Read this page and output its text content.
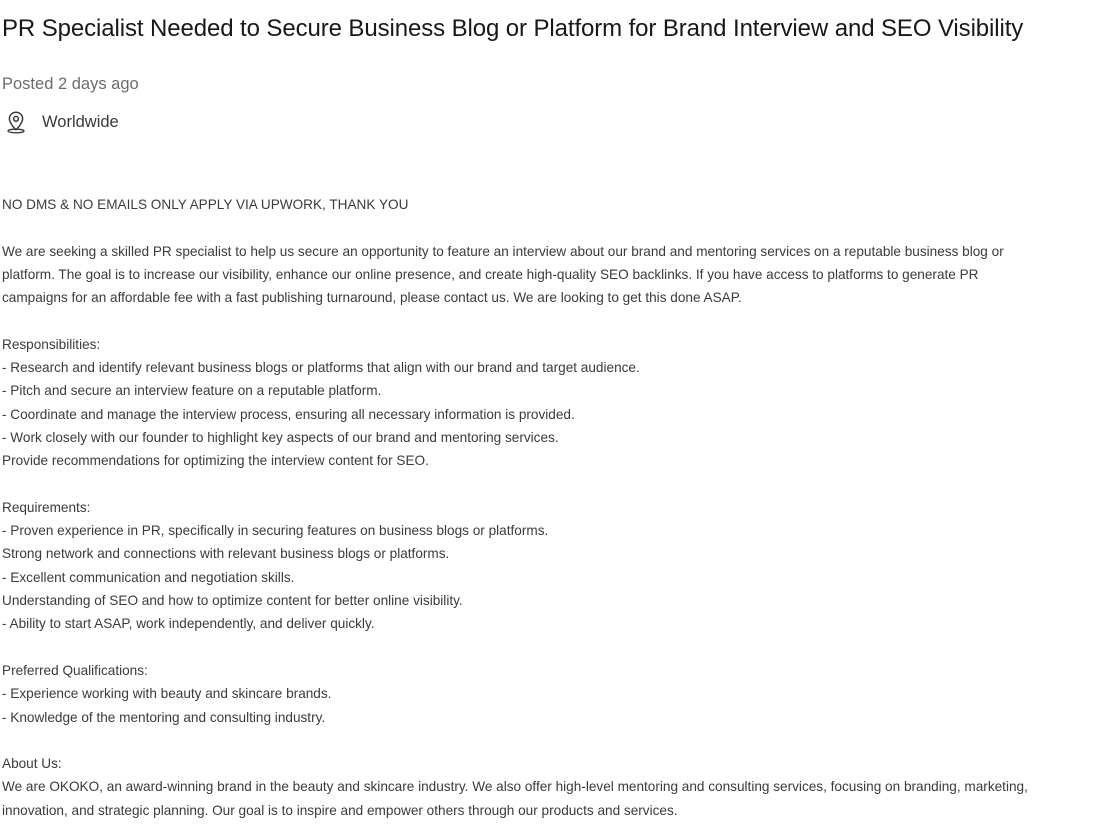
PR Specialist Needed to Secure Business Blog or Platform for Brand Interview and SEO Visibility
Posted 2 days ago
Worldwide

NO DMS & NO EMAILS ONLY APPLY VIA UPWORK, THANK YOU

We are seeking a skilled PR specialist to help us secure an opportunity to feature an interview about our brand and mentoring services on a reputable business blog or

platform. The goal is to increase our visibility, enhance our online presence, and create high-quality SEO backlinks. If you have access to platforms to generate PR

campaigns for an affordable fee with a fast publishing turnaround, please contact us. We are looking to get this done ASAP.

Responsibilities:

- Research and identify relevant business blogs or platforms that align with our brand and target audience.

- Pitch and secure an interview feature on a reputable platform.

- Coordinate and manage the interview process, ensuring all necessary information is provided.

- Work closely with our founder to highlight key aspects of our brand and mentoring services.

Provide recommendations for optimizing the interview content for SEO.

Requirements:

- Proven experience in PR, specifically in securing features on business blogs or platforms.

Strong network and connections with relevant business blogs or platforms.

- Excellent communication and negotiation skills.

Understanding of SEO and how to optimize content for better online visibility.

- Ability to start ASAP, work independently, and deliver quickly.

Preferred Qualifications:

- Experience working with beauty and skincare brands.

- Knowledge of the mentoring and consulting industry.

About Us:

We are OKOKO, an award-winning brand in the beauty and skincare industry. We also offer high-level mentoring and consulting services, focusing on branding, marketing,

innovation, and strategic planning. Our goal is to inspire and empower others through our products and services.
